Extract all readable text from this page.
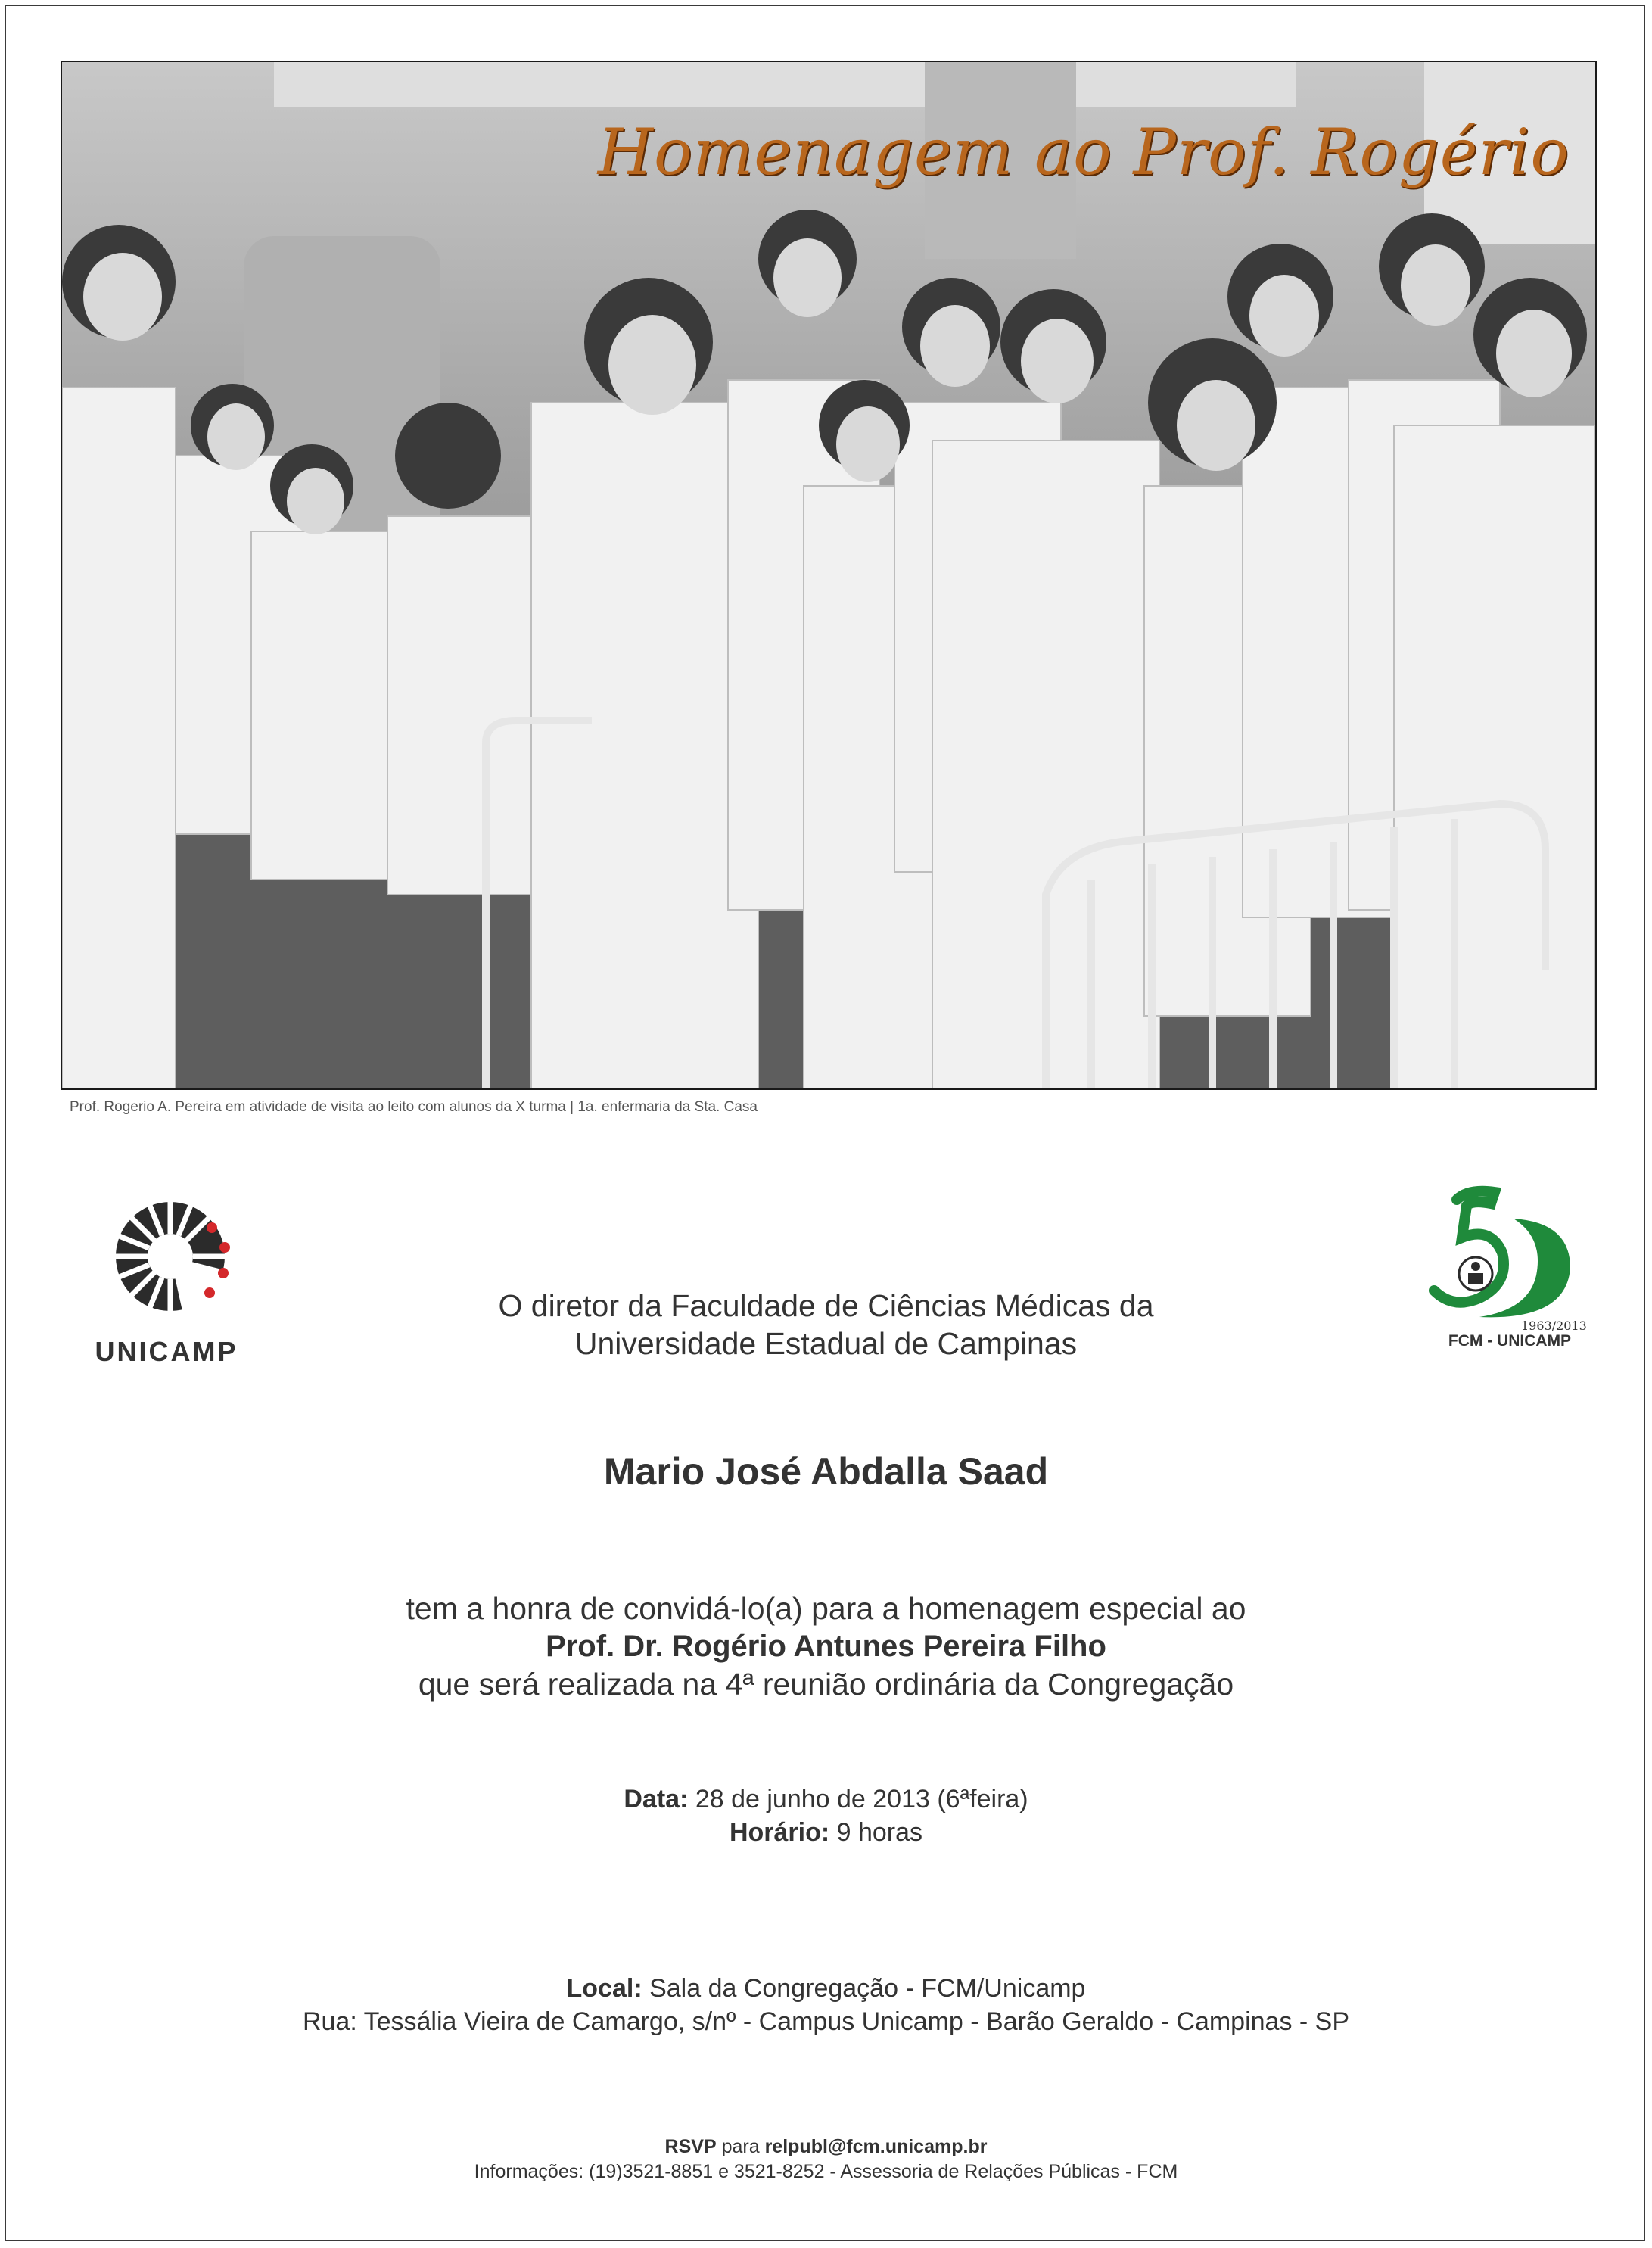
Homenagem ao Prof. Rogério
Prof. Rogerio A. Pereira em atividade de visita ao leito com alunos da X turma | 1a. enfermaria da Sta. Casa
UNICAMP
1963/2013
FCM - UNICAMP
O diretor da Faculdade de Ciências Médicas da
Universidade Estadual de Campinas
Mario José Abdalla Saad
tem a honra de convidá-lo(a) para a homenagem especial ao
Prof. Dr. Rogério Antunes Pereira Filho
que será realizada na 4ª reunião ordinária da Congregação
Data: 28 de junho de 2013 (6ªfeira)
Horário: 9 horas
Local: Sala da Congregação - FCM/Unicamp
Rua: Tessália Vieira de Camargo, s/nº - Campus Unicamp - Barão Geraldo - Campinas - SP
RSVP para relpubl@fcm.unicamp.br
Informações: (19)3521-8851 e 3521-8252 - Assessoria de Relações Públicas - FCM
